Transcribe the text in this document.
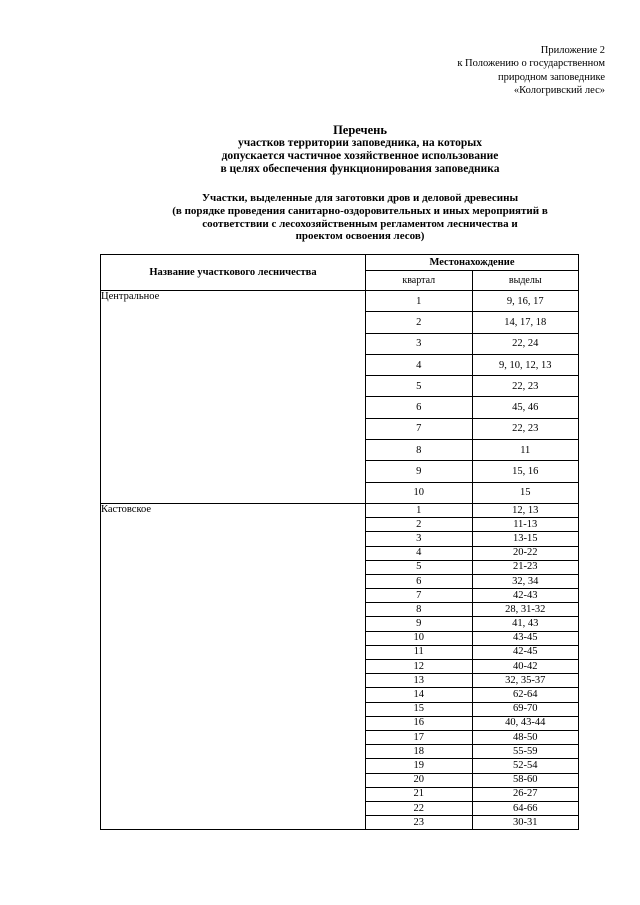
Приложение 2
к Положению о государственном
природном заповеднике
«Кологривский лес»
Перечень
участков территории заповедника, на которых
допускается частичное хозяйственное использование
в целях обеспечения функционирования заповедника
Участки, выделенные для заготовки дров и деловой древесины
(в порядке проведения санитарно-оздоровительных и иных мероприятий в
соответствии с лесохозяйственным регламентом лесничества и
проектом освоения лесов)
Название участкового лесничества	Местонахождение	
	квартал	выделы
Центральное	1	9, 16, 17
	2	14, 17, 18
	3	22, 24
	4	9, 10, 12, 13
	5	22, 23
	6	45, 46
	7	22, 23
	8	11
	9	15, 16
	10	15
Кастовское	1	12, 13
	2	11-13
	3	13-15
	4	20-22
	5	21-23
	6	32, 34
	7	42-43
	8	28, 31-32
	9	41, 43
	10	43-45
	11	42-45
	12	40-42
	13	32, 35-37
	14	62-64
	15	69-70
	16	40, 43-44
	17	48-50
	18	55-59
	19	52-54
	20	58-60
	21	26-27
	22	64-66
	23	30-31
